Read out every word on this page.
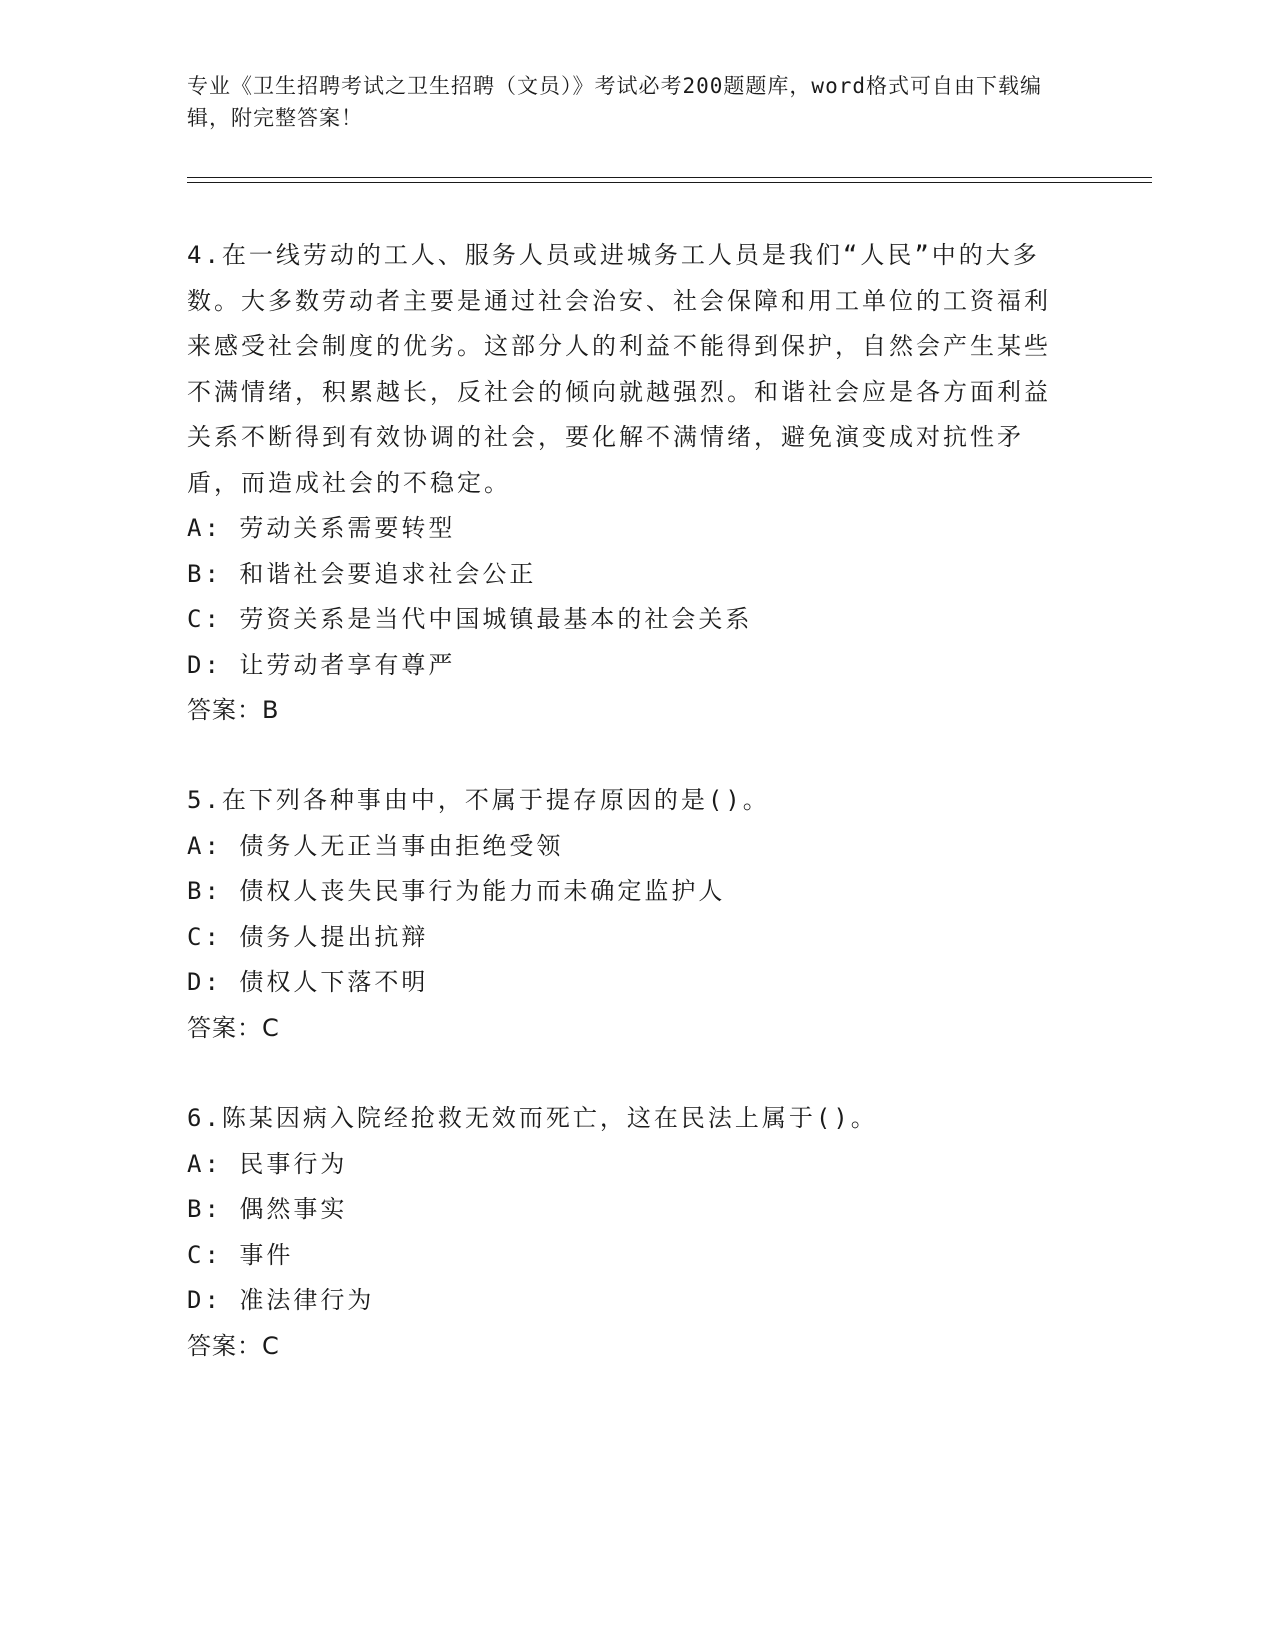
专业《卫生招聘考试之卫生招聘（文员）》考试必考200题题库，word格式可自由下载编辑，附完整答案！
4.在一线劳动的工人、服务人员或进城务工人员是我们“人民”中的大多数。大多数劳动者主要是通过社会治安、社会保障和用工单位的工资福利来感受社会制度的优劣。这部分人的利益不能得到保护，自然会产生某些不满情绪，积累越长，反社会的倾向就越强烈。和谐社会应是各方面利益关系不断得到有效协调的社会，要化解不满情绪，避免演变成对抗性矛盾，而造成社会的不稳定。
A: 劳动关系需要转型
B: 和谐社会要追求社会公正
C: 劳资关系是当代中国城镇最基本的社会关系
D: 让劳动者享有尊严
答案：B
5.在下列各种事由中，不属于提存原因的是()。
A: 债务人无正当事由拒绝受领
B: 债权人丧失民事行为能力而未确定监护人
C: 债务人提出抗辩
D: 债权人下落不明
答案：C
6.陈某因病入院经抢救无效而死亡，这在民法上属于()。
A: 民事行为
B: 偶然事实
C: 事件
D: 准法律行为
答案：C
